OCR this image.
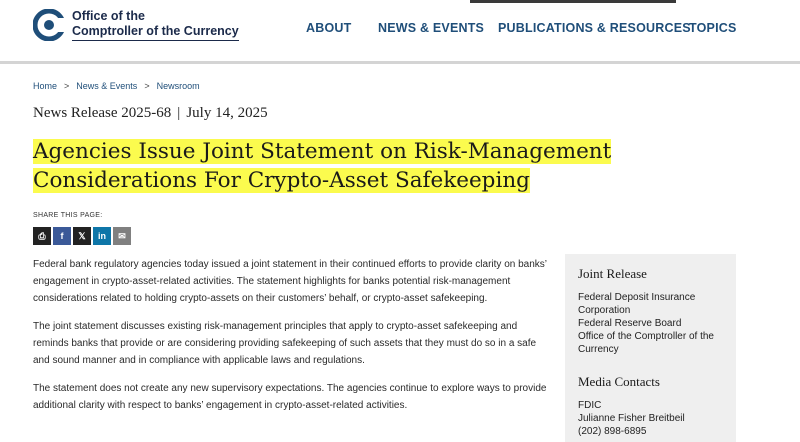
Office of the
Comptroller of the Currency	ABOUT NEWS & EVENTS PUBLICATIONS & RESOURCES
TOPICS
Home > News & Events > Newsroom
News Release 2025-68 | July 14, 2025
Agencies Issue Joint Statement on Risk-Management
Considerations For Crypto-Asset Safekeeping
SHARE THIS PAGE:
⎙ f 𝕏 in ✉

Federal bank regulatory agencies today issued a joint statement in their continued efforts to provide clarity on banks’ engagement in crypto-asset-related activities. The statement highlights for banks potential risk-management considerations related to holding crypto-assets on their customers’ behalf, or crypto-asset safekeeping.

The joint statement discusses existing risk-management principles that apply to crypto-asset safekeeping and reminds banks that provide or are considering providing safekeeping of such assets that they must do so in a safe and sound manner and in compliance with applicable laws and regulations.

The statement does not create any new supervisory expectations. The agencies continue to explore ways to provide additional clarity with respect to banks’ engagement in crypto-asset-related activities.

Joint Release
Federal Deposit Insurance Corporation
Federal Reserve Board
Office of the Comptroller of the Currency
Media Contacts
FDIC
Julianne Fisher Breitbeil
(202) 898-6895
